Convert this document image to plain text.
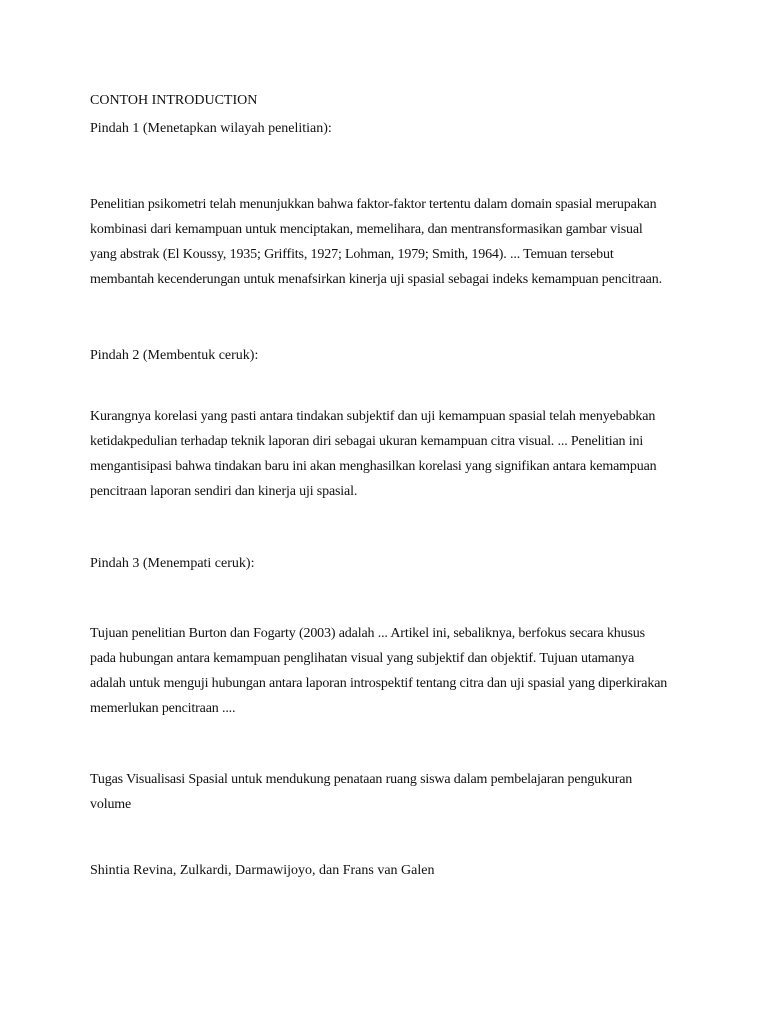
CONTOH INTRODUCTION
Pindah 1 (Menetapkan wilayah penelitian):
Penelitian psikometri telah menunjukkan bahwa faktor-faktor tertentu dalam domain spasial merupakan
kombinasi dari kemampuan untuk menciptakan, memelihara, dan mentransformasikan gambar visual
yang abstrak (El Koussy, 1935; Griffits, 1927; Lohman, 1979; Smith, 1964). ... Temuan tersebut
membantah kecenderungan untuk menafsirkan kinerja uji spasial sebagai indeks kemampuan pencitraan.
Pindah 2 (Membentuk ceruk):
Kurangnya korelasi yang pasti antara tindakan subjektif dan uji kemampuan spasial telah menyebabkan
ketidakpedulian terhadap teknik laporan diri sebagai ukuran kemampuan citra visual. ... Penelitian ini
mengantisipasi bahwa tindakan baru ini akan menghasilkan korelasi yang signifikan antara kemampuan
pencitraan laporan sendiri dan kinerja uji spasial.
Pindah 3 (Menempati ceruk):
Tujuan penelitian Burton dan Fogarty (2003) adalah ... Artikel ini, sebaliknya, berfokus secara khusus
pada hubungan antara kemampuan penglihatan visual yang subjektif dan objektif. Tujuan utamanya
adalah untuk menguji hubungan antara laporan introspektif tentang citra dan uji spasial yang diperkirakan
memerlukan pencitraan ....
Tugas Visualisasi Spasial untuk mendukung penataan ruang siswa dalam pembelajaran pengukuran
volume
Shintia Revina, Zulkardi, Darmawijoyo, dan Frans van Galen
